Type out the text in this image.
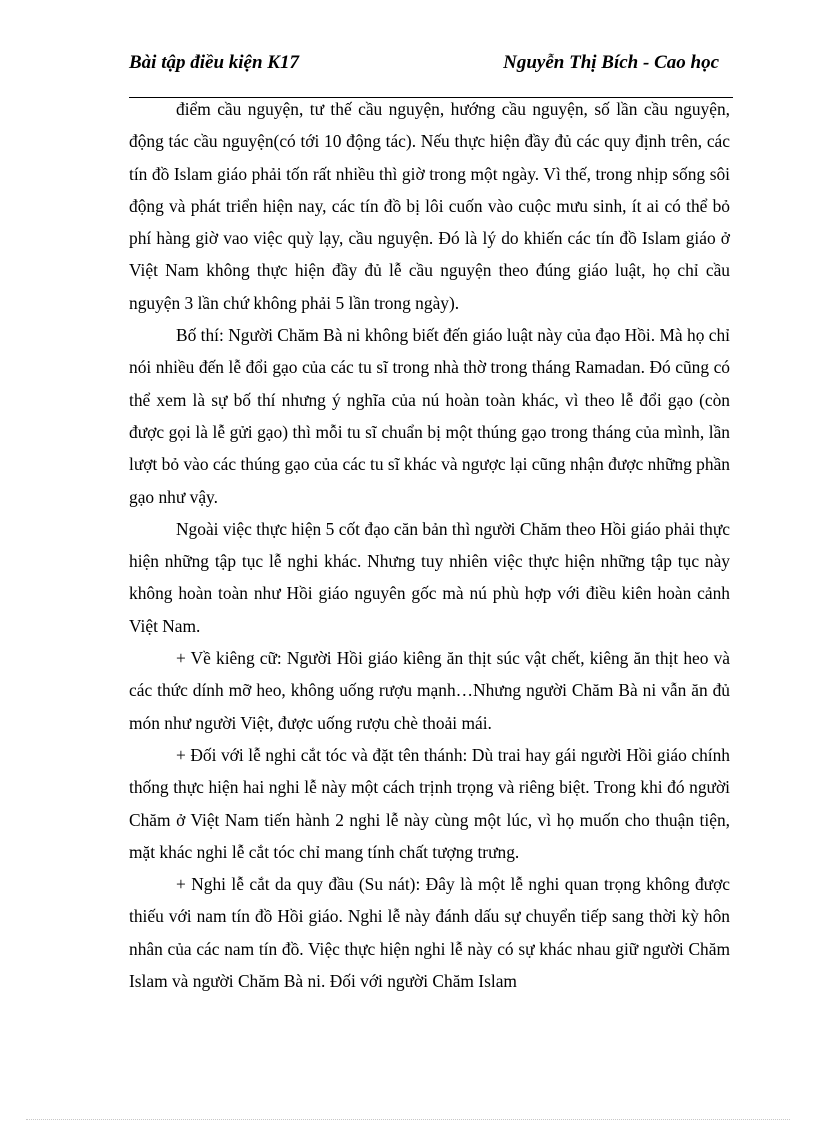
Bài tập điều kiện K17	Nguyễn Thị Bích - Cao học

điểm cầu nguyện, tư thế cầu nguyện, hướng cầu nguyện, số lần cầu nguyện, động tác cầu nguyện(có tới 10 động tác). Nếu thực hiện đầy đủ các quy định trên, các tín đồ Islam giáo phải tốn rất nhiều thì giờ trong một ngày. Vì thế, trong nhịp sống sôi động và phát triển hiện nay, các tín đồ bị lôi cuốn vào cuộc mưu sinh, ít ai có thể bỏ phí hàng giờ vao việc quỳ lạy, cầu nguyện. Đó là lý do khiến các tín đồ Islam giáo ở Việt Nam không thực hiện đầy đủ lễ cầu nguyện theo đúng giáo luật, họ chỉ cầu nguyện 3 lần chứ không phải 5 lần trong ngày).

Bố thí: Người Chăm Bà ni không biết đến giáo luật này của đạo Hồi. Mà họ chỉ nói nhiều đến lễ đổi gạo của các tu sĩ trong nhà thờ trong tháng Ramadan. Đó cũng có thể xem là sự bố thí nhưng ý nghĩa của nú hoàn toàn khác, vì theo lễ đổi gạo (còn được gọi là lễ gửi gạo) thì mỗi tu sĩ chuẩn bị một thúng gạo trong tháng của mình, lần lượt bỏ vào các thúng gạo của các tu sĩ khác và ngược lại cũng nhận được những phần gạo như vậy.

Ngoài việc thực hiện 5 cốt đạo căn bản thì người Chăm theo Hồi giáo phải thực hiện những tập tục lễ nghi khác. Nhưng tuy nhiên việc thực hiện những tập tục này không hoàn toàn như Hồi giáo nguyên gốc mà nú phù hợp với điều kiên hoàn cảnh Việt Nam.

+ Về kiêng cữ: Người Hồi giáo kiêng ăn thịt súc vật chết, kiêng ăn thịt heo và các thức dính mỡ heo, không uống rượu mạnh…Nhưng người Chăm Bà ni vẫn ăn đủ món như người Việt, được uống rượu chè thoải mái.

+ Đối với lễ nghi cắt tóc và đặt tên thánh: Dù trai hay gái người Hồi giáo chính thống thực hiện hai nghi lễ này một cách trịnh trọng và riêng biệt. Trong khi đó người Chăm ở Việt Nam tiến hành 2 nghi lễ này cùng một lúc, vì họ muốn cho thuận tiện, mặt khác nghi lễ cắt tóc chỉ mang tính chất tượng trưng.

+ Nghi lễ cắt da quy đầu (Su nát): Đây là một lễ nghi quan trọng không được thiếu với nam tín đồ Hồi giáo. Nghi lễ này đánh dấu sự chuyển tiếp sang thời kỳ hôn nhân của các nam tín đồ. Việc thực hiện nghi lễ này có sự khác nhau giữ người Chăm Islam và người Chăm Bà ni. Đối với người Chăm Islam
